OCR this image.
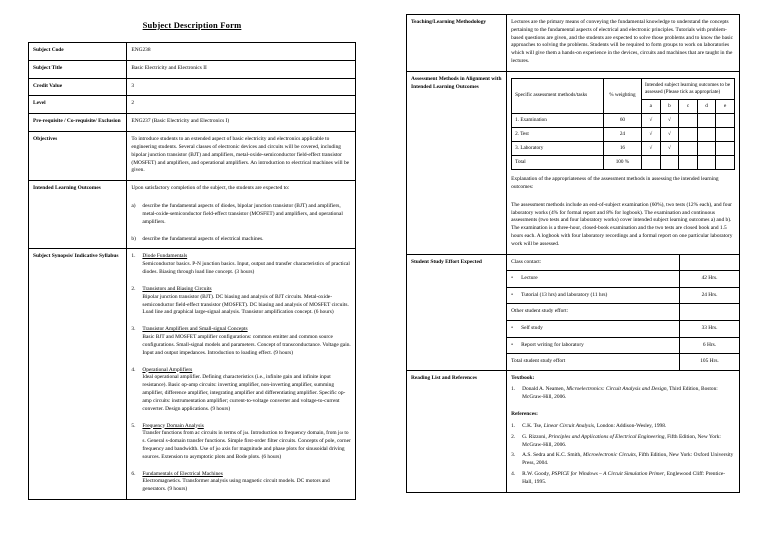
Subject Description Form
Subject Code	ENG238
Subject Title	Basic Electricity and Electronics II
Credit Value	3
Level	2
Pre-requisite / Co-requisite/ Exclusion	ENG237 (Basic Electricity and Electronics I)
Objectives	To introduce students to an extended aspect of basic electricity and electronics applicable to engineering students. Several classes of electronic devices and circuits will be covered, including bipolar junction transistor (BJT) and amplifiers, metal-oxide-semiconductor field-effect transistor (MOSFET) and amplifiers, and operational amplifiers. An introduction to electrical machines will be given.
Intended Learning Outcomes	Upon satisfactory completion of the subject, the students are expected to:

a) describe the fundamental aspects of diodes, bipolar junction transistor (BJT) and amplifiers, metal-oxide-semiconductor field-effect transistor (MOSFET) and amplifiers, and operational amplifiers.
b) describe the fundamental aspects of electrical machines.

Subject Synopsis/ Indicative Syllabus	1.	Diode Fundamentals
Semiconductor basics. P-N junction basics. Input, output and transfer characteristics of practical diodes. Biasing through load line concept. (3 hours)
2.	Transistors and Biasing Circuits
Bipolar junction transistor (BJT). DC biasing and analysis of BJT circuits. Metal-oxide-semiconductor field-effect transistor (MOSFET). DC biasing and analysis of MOSFET circuits. Load line and graphical large-signal analysis. Transistor amplification concept. (6 hours)
3.	Transistor Amplifiers and Small-signal Concepts
Basic BJT and MOSFET amplifier configurations: common emitter and common source configurations. Small-signal models and parameters. Concept of transconductance. Voltage gain. Input and output impedances. Introduction to loading effect. (9 hours)
4.	Operational Amplifiers
Ideal operational amplifier. Defining characteristics (i.e., infinite gain and infinite input resistance). Basic op-amp circuits: inverting amplifier, non-inverting amplifier, summing amplifier, difference amplifier, integrating amplifier and differentiating amplifier. Specific op-amp circuits: instrumentation amplifier; current-to-voltage converter and voltage-to-current converter. Design applications. (9 hours)
5.	Frequency Domain Analysis
Transfer functions from ac circuits in terms of jω. Introduction to frequency domain, from jω to s. General s-domain transfer functions. Simple first-order filter circuits. Concepts of pole, corner frequency and bandwidth. Use of jω axis for magnitude and phase plots for sinusoidal driving sources. Extension to asymptotic plots and Bode plots. (6 hours)
6.	Fundamentals of Electrical Machines
Electromagnetics. Transformer analysis using magnetic circuit models. DC motors and generators. (9 hours)
Teaching/Learning Methodology	Lectures are the primary means of conveying the fundamental knowledge to understand the concepts pertaining to the fundamental aspects of electrical and electronic principles. Tutorials with problem-based questions are given, and the students are expected to solve those problems and to know the basic approaches to solving the problems. Students will be required to form groups to work on laboratories which will give them a hands-on experience in the devices, circuits and machines that are taught in the lectures.
Assessment Methods in Alignment with Intended Learning Outcomes	
Specific assessment methods/tasks	% weighting	Intended subject learning outcomes to be assessed (Please tick as appropriate)
a	b	c	d	e
1. Examination	60	√	√			
2. Test	24	√	√			
3. Laboratory	16	√	√			
Total	100 %					

Explanation of the appropriateness of the assessment methods in assessing the intended learning outcomes:

The assessment methods include an end-of-subject examination (60%), two tests (12% each), and four laboratory works (4% for formal report and 8% for logbook). The examination and continuous assessments (two tests and four laboratory works) cover intended subject learning outcomes a) and b). The examination is a three-hour, closed-book examination and the two tests are closed book and 1.5 hours each. A logbook with four laboratory recordings and a formal report on one particular laboratory work will be assessed.

Student Study Effort Expected		Class contact:	

•	Lecture	42 Hrs.

•	Tutorial (13 hrs) and laboratory (11 hrs)	24 Hrs.
Other student study effort:	

•	Self study	33 Hrs.

•	Report writing for laboratory	6 Hrs.
Total student study effort	105 Hrs.

Reading List and References	Textbook:

1.	Donald A. Neamen, Microelectronics: Circuit Analysis and Design, Third Edition, Boston: McGraw-Hill, 2006.

References:

1.	C.K. Tse, Linear Circuit Analysis, London: Addison-Wesley, 1998.
2.	G. Rizzoni, Principles and Applications of Electrical Engineering, Fifth Edition, New York: McGraw-Hill, 2006.
3.	A.S. Sedra and K.C. Smith, Microelectronic Circuits, Fifth Edition, New York: Oxford University Press, 2004.
4.	R.W. Goody, PSPICE for Windows – A Circuit Simulation Primer, Englewood Cliff: Prentice-Hall, 1995.
